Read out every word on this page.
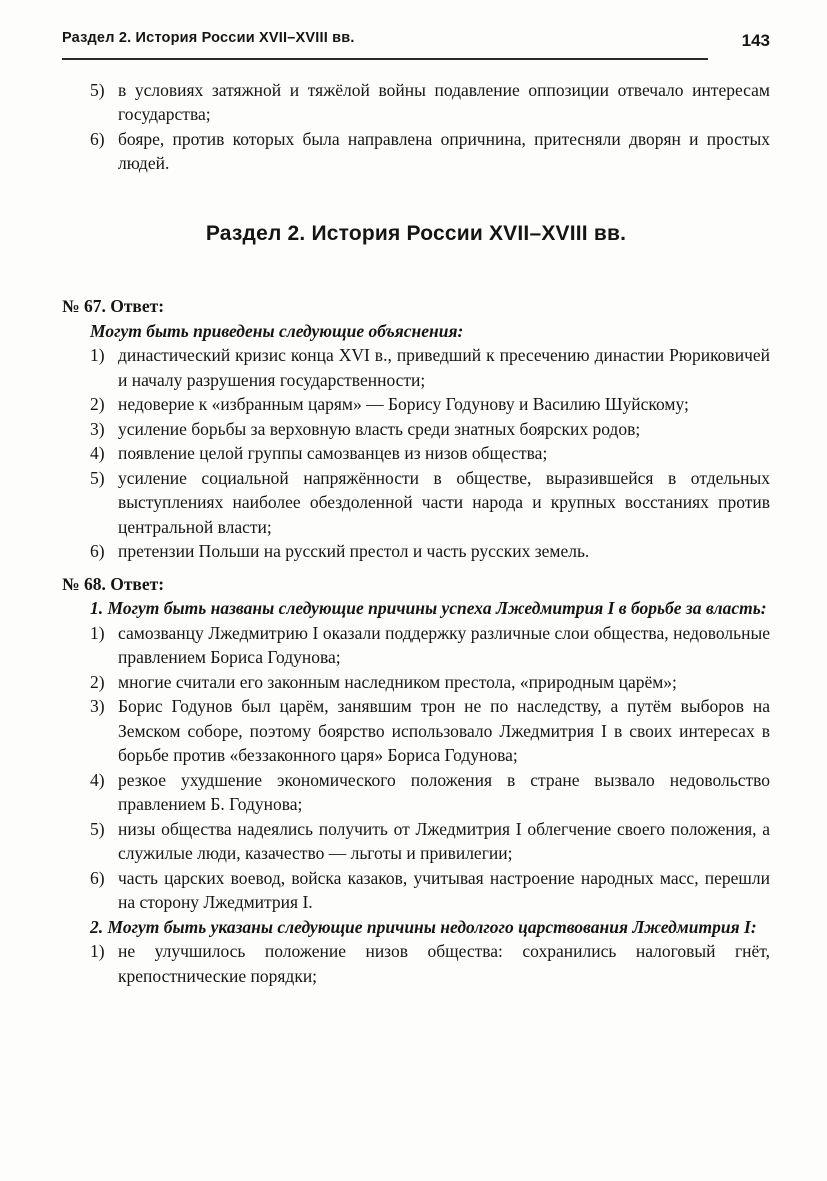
Раздел 2. История России XVII–XVIII вв.	143
5) в условиях затяжной и тяжёлой войны подавление оппозиции отвечало интересам государства;
6) бояре, против которых была направлена опричнина, притесняли дворян и простых людей.
Раздел 2. История России XVII–XVIII вв.

№ 67. Ответ:

Могут быть приведены следующие объяснения:

1) династический кризис конца XVI в., приведший к пресечению династии Рюриковичей и началу разрушения государственности;
2) недоверие к «избранным царям» — Борису Годунову и Василию Шуйскому;
3) усиление борьбы за верховную власть среди знатных боярских родов;
4) появление целой группы самозванцев из низов общества;
5) усиление социальной напряжённости в обществе, выразившейся в отдельных выступлениях наиболее обездоленной части народа и крупных восстаниях против центральной власти;
6) претензии Польши на русский престол и часть русских земель.

№ 68. Ответ:

1. Могут быть названы следующие причины успеха Лжедмитрия I в борьбе за власть:

1) самозванцу Лжедмитрию I оказали поддержку различные слои общества, недовольные правлением Бориса Годунова;
2) многие считали его законным наследником престола, «природным царём»;
3) Борис Годунов был царём, занявшим трон не по наследству, а путём выборов на Земском соборе, поэтому боярство использовало Лжедмитрия I в своих интересах в борьбе против «беззаконного царя» Бориса Годунова;
4) резкое ухудшение экономического положения в стране вызвало недовольство правлением Б. Годунова;
5) низы общества надеялись получить от Лжедмитрия I облегчение своего положения, а служилые люди, казачество — льготы и привилегии;
6) часть царских воевод, войска казаков, учитывая настроение народных масс, перешли на сторону Лжедмитрия I.

2. Могут быть указаны следующие причины недолгого царствования Лжедмитрия I:

1) не улучшилось положение низов общества: сохранились налоговый гнёт, крепостнические порядки;
